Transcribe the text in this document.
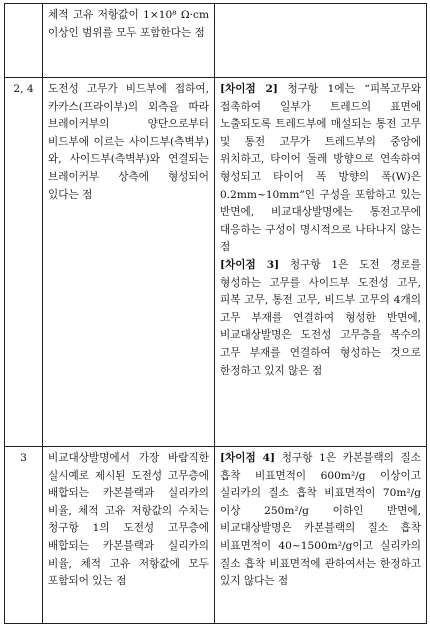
	체적 고유 저항값이 1×10⁸ Ω·cm 이상인 범위를 모두 포함한다는 점	
2, 4	도전성 고무가 비드부에 접하여, 카카스(프라이부)의 외측을 따라 브레이커부의 양단으로부터 비드부에 이르는 사이드부(측벽부)와, 사이드부(측벽부)와 연결되는 브레이커부 상측에 형성되어 있다는 점	[차이점 2] 청구항 1에는 “피복고무와 접촉하여 일부가 트레드의 표면에 노출되도록 트레드부에 매설되는 통전 고무 및 통전 고무가 트레드부의 중앙에 위치하고, 타이어 둘레 방향으로 연속하여 형성되고 타이어 폭 방향의 폭(W)은 0.2mm~10mm”인 구성을 포함하고 있는 반면에, 비교대상발명에는 통전고무에 대응하는 구성이 명시적으로 나타나지 않는 점
[차이점 3] 청구항 1은 도전 경로를 형성하는 고무를 사이드부 도전성 고무, 피복 고무, 통전 고무, 비드부 고무의 4개의 고무 부재를 연결하여 형성한 반면에, 비교대상발명은 도전성 고무층을 복수의 고무 부재를 연결하여 형성하는 것으로 한정하고 있지 않은 점

3	비교대상발명에서 가장 바람직한 실시예로 제시된 도전성 고무층에 배합되는 카본블랙과 실리카의 비율, 체적 고유 저항값의 수치는 청구항 1의 도전성 고무층에 배합되는 카본블랙과 실리카의 비율, 체적 고유 저항값에 모두 포함되어 있는 점	[차이점 4] 청구항 1은 카본블랙의 질소 흡착 비표면적이 600m²/g 이상이고 실리카의 질소 흡착 비표면적이 70m²/g 이상 250m²/g 이하인 반면에, 비교대상발명은 카본블랙의 질소 흡착 비표면적이 40~1500m²/g이고 실리카의 질소 흡착 비표면적에 관하여서는 한정하고 있지 않다는 점
